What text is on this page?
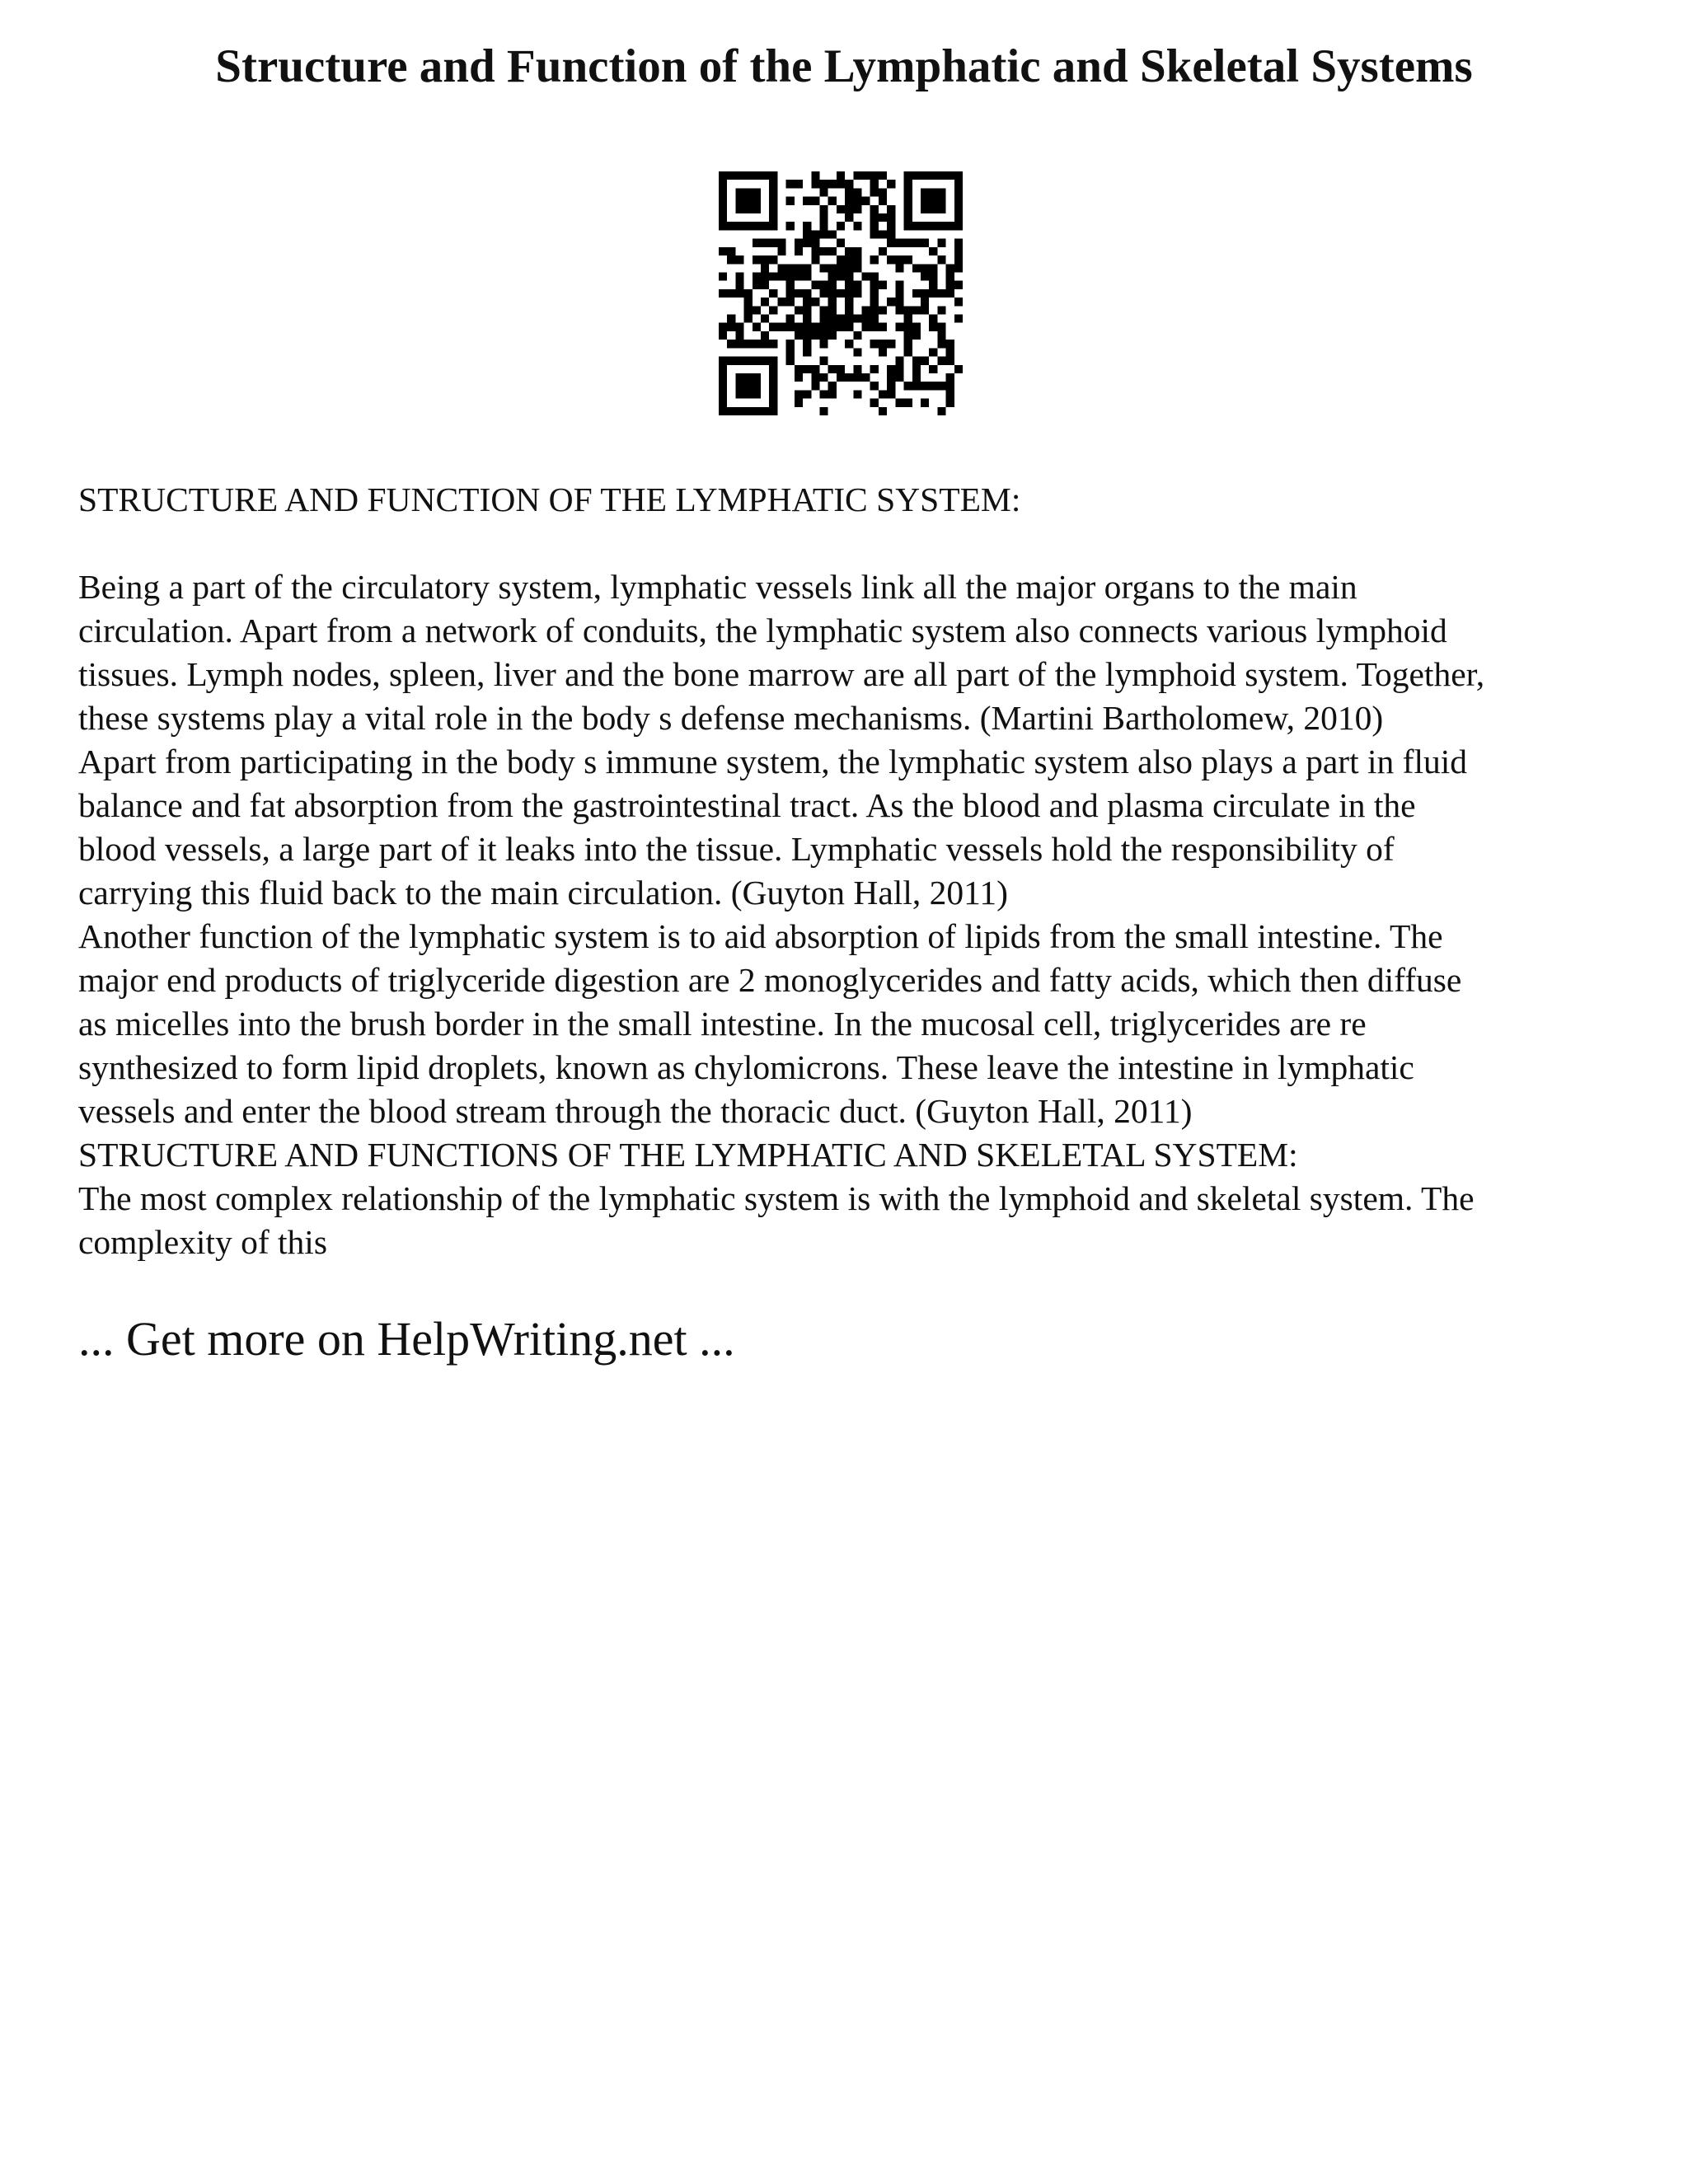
Structure and Function of the Lymphatic and Skeletal Systems

STRUCTURE AND FUNCTION OF THE LYMPHATIC SYSTEM:

Being a part of the circulatory system, lymphatic vessels link all the major organs to the main

circulation. Apart from a network of conduits, the lymphatic system also connects various lymphoid

tissues. Lymph nodes, spleen, liver and the bone marrow are all part of the lymphoid system. Together,

these systems play a vital role in the body s defense mechanisms. (Martini Bartholomew, 2010)

Apart from participating in the body s immune system, the lymphatic system also plays a part in fluid

balance and fat absorption from the gastrointestinal tract. As the blood and plasma circulate in the

blood vessels, a large part of it leaks into the tissue. Lymphatic vessels hold the responsibility of

carrying this fluid back to the main circulation. (Guyton Hall, 2011)

Another function of the lymphatic system is to aid absorption of lipids from the small intestine. The

major end products of triglyceride digestion are 2 monoglycerides and fatty acids, which then diffuse

as micelles into the brush border in the small intestine. In the mucosal cell, triglycerides are re

synthesized to form lipid droplets, known as chylomicrons. These leave the intestine in lymphatic

vessels and enter the blood stream through the thoracic duct. (Guyton Hall, 2011)

STRUCTURE AND FUNCTIONS OF THE LYMPHATIC AND SKELETAL SYSTEM:

The most complex relationship of the lymphatic system is with the lymphoid and skeletal system. The

complexity of this

... Get more on HelpWriting.net ...
